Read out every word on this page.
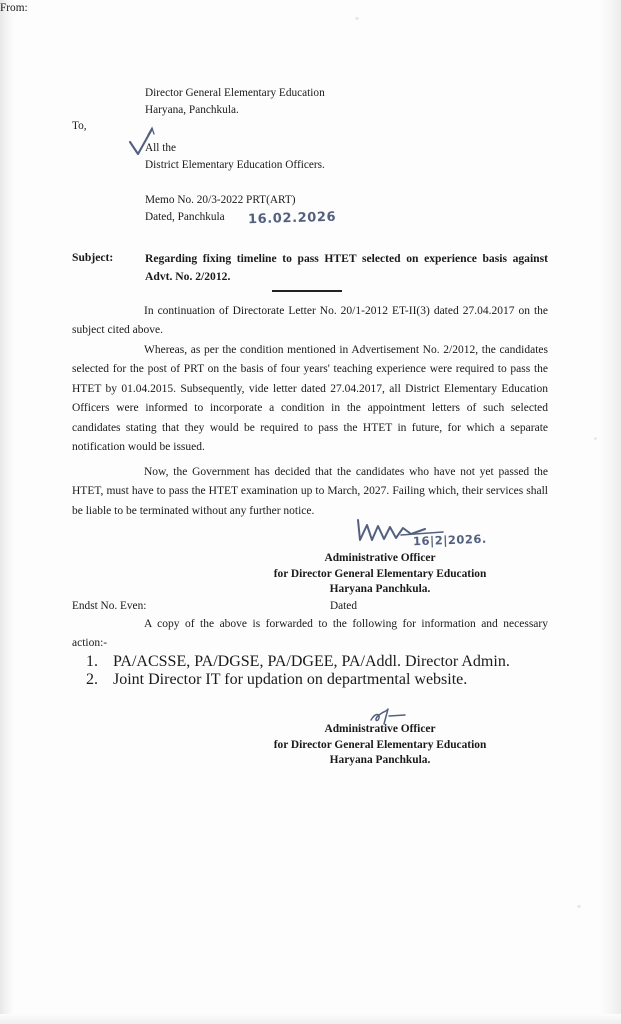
From:
Director General Elementary Education
Haryana, Panchkula.
To,
All the
District Elementary Education Officers.
Memo No. 20/3-2022 PRT(ART)
Dated, Panchkula	16.02.2026
Subject:	Regarding fixing timeline to pass HTET selected on experience basis against Advt. No. 2/2012.
In continuation of Directorate Letter No. 20/1-2012 ET-II(3) dated 27.04.2017 on the subject cited above.
Whereas, as per the condition mentioned in Advertisement No. 2/2012, the candidates selected for the post of PRT on the basis of four years' teaching experience were required to pass the HTET by 01.04.2015. Subsequently, vide letter dated 27.04.2017, all District Elementary Education Officers were informed to incorporate a condition in the appointment letters of such selected candidates stating that they would be required to pass the HTET in future, for which a separate notification would be issued.
Now, the Government has decided that the candidates who have not yet passed the HTET, must have to pass the HTET examination up to March, 2027. Failing which, their services shall be liable to be terminated without any further notice.
16|2|2026.
Administrative Officer
for Director General Elementary Education
Haryana Panchkula.
Endst No. Even:	Dated
A copy of the above is forwarded to the following for information and necessary action:-
1. PA/ACSSE, PA/DGSE, PA/DGEE, PA/Addl. Director Admin.
2. Joint Director IT for updation on departmental website.
Administrative Officer
for Director General Elementary Education
Haryana Panchkula.
